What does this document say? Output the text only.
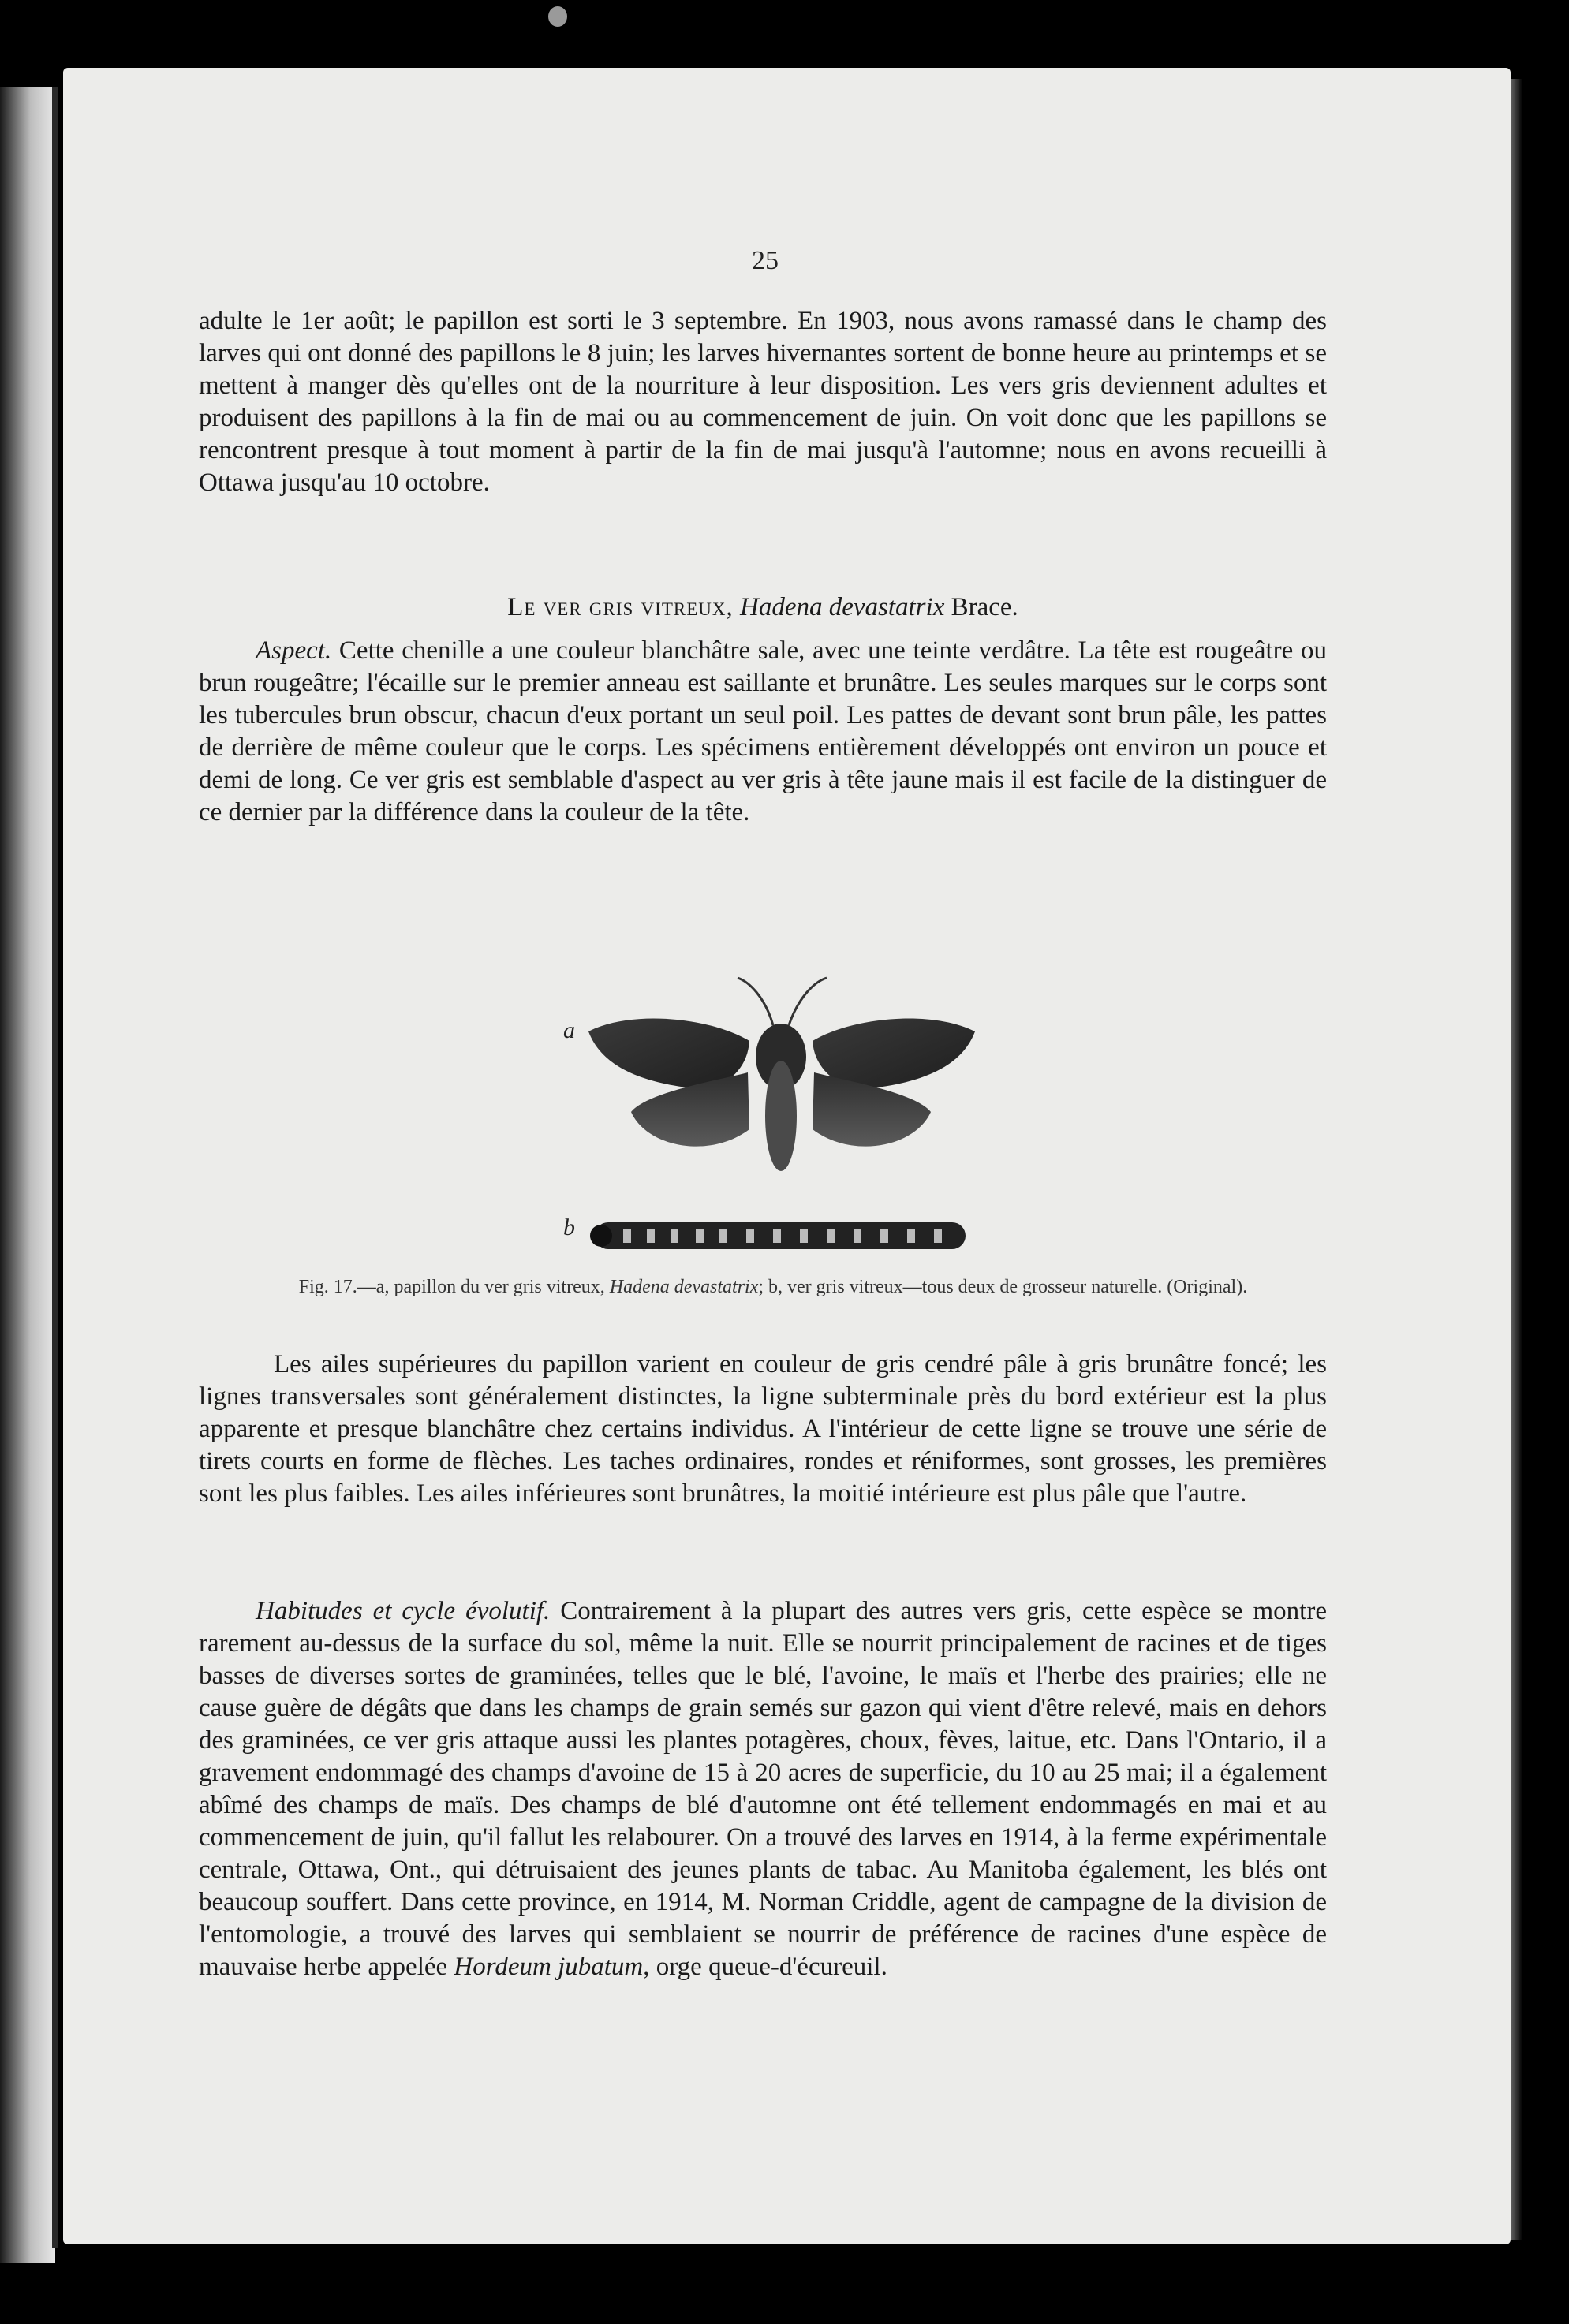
25
adulte le 1er août; le papillon est sorti le 3 septembre. En 1903, nous avons ramassé dans le champ des larves qui ont donné des papillons le 8 juin; les larves hivernantes sortent de bonne heure au printemps et se mettent à manger dès qu'elles ont de la nourriture à leur disposition. Les vers gris deviennent adultes et produisent des papillons à la fin de mai ou au commencement de juin. On voit donc que les papillons se rencontrent presque à tout moment à partir de la fin de mai jusqu'à l'automne; nous en avons recueilli à Ottawa jusqu'au 10 octobre.
Le ver gris vitreux, Hadena devastatrix Brace.
Aspect. Cette chenille a une couleur blanchâtre sale, avec une teinte verdâtre. La tête est rougeâtre ou brun rougeâtre; l'écaille sur le premier anneau est saillante et brunâtre. Les seules marques sur le corps sont les tubercules brun obscur, chacun d'eux portant un seul poil. Les pattes de devant sont brun pâle, les pattes de derrière de même couleur que le corps. Les spécimens entièrement développés ont environ un pouce et demi de long. Ce ver gris est semblable d'aspect au ver gris à tête jaune mais il est facile de la distinguer de ce dernier par la différence dans la couleur de la tête.
a
b
Fig. 17.—a, papillon du ver gris vitreux, Hadena devastatrix; b, ver gris vitreux—tous deux de grosseur naturelle. (Original).
Les ailes supérieures du papillon varient en couleur de gris cendré pâle à gris brunâtre foncé; les lignes transversales sont généralement distinctes, la ligne subterminale près du bord extérieur est la plus apparente et presque blanchâtre chez certains individus. A l'intérieur de cette ligne se trouve une série de tirets courts en forme de flèches. Les taches ordinaires, rondes et réniformes, sont grosses, les premières sont les plus faibles. Les ailes inférieures sont brunâtres, la moitié intérieure est plus pâle que l'autre.
Habitudes et cycle évolutif. Contrairement à la plupart des autres vers gris, cette espèce se montre rarement au-dessus de la surface du sol, même la nuit. Elle se nourrit principalement de racines et de tiges basses de diverses sortes de graminées, telles que le blé, l'avoine, le maïs et l'herbe des prairies; elle ne cause guère de dégâts que dans les champs de grain semés sur gazon qui vient d'être relevé, mais en dehors des graminées, ce ver gris attaque aussi les plantes potagères, choux, fèves, laitue, etc. Dans l'Ontario, il a gravement endommagé des champs d'avoine de 15 à 20 acres de superficie, du 10 au 25 mai; il a également abîmé des champs de maïs. Des champs de blé d'automne ont été tellement endommagés en mai et au commencement de juin, qu'il fallut les relabourer. On a trouvé des larves en 1914, à la ferme expérimentale centrale, Ottawa, Ont., qui détruisaient des jeunes plants de tabac. Au Manitoba également, les blés ont beaucoup souffert. Dans cette province, en 1914, M. Norman Criddle, agent de campagne de la division de l'entomologie, a trouvé des larves qui semblaient se nourrir de préférence de racines d'une espèce de mauvaise herbe appelée Hordeum jubatum, orge queue-d'écureuil.
